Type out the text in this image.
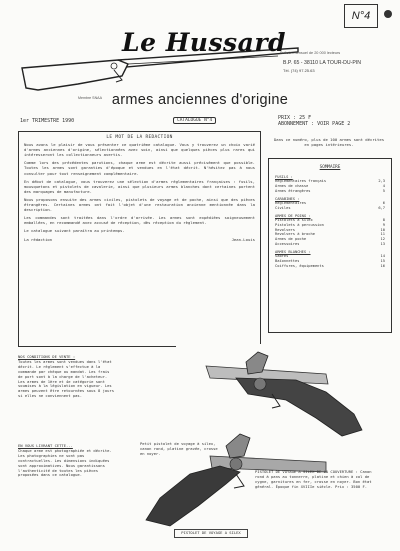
Le Hussard
Bulletin mensuel de 20 000 lecteurs
B.P. 65 - 38110 LA TOUR-DU-PIN
Tél. (74) 97.25.63
Membre SNAA
N°4
armes anciennes d'origine
1er TRIMESTRE 1990	CATALOGUE N°4	PRIX : 25 F
ABONNEMENT : VOIR PAGE 2
LE MOT DE LA REDACTION

Nous avons le plaisir de vous présenter ce quatrième catalogue. Vous y trouverez un choix varié d'armes anciennes d'origine, sélectionnées avec soin, ainsi que quelques pièces plus rares qui intéresseront les collectionneurs avertis.

Comme lors des précédentes parutions, chaque arme est décrite aussi précisément que possible. Toutes les armes sont garanties d'époque et vendues en l'état décrit. N'hésitez pas à nous consulter pour tout renseignement complémentaire.

En début de catalogue, vous trouverez une sélection d'armes réglementaires françaises : fusils, mousquetons et pistolets de cavalerie, ainsi que plusieurs armes blanches dont certaines portent des marquages de manufacture.

Nous proposons ensuite des armes civiles, pistolets de voyage et de poche, ainsi que des pièces étrangères. Certaines armes ont fait l'objet d'une restauration ancienne mentionnée dans la description.

Les commandes sont traitées dans l'ordre d'arrivée. Les armes sont expédiées soigneusement emballées, en recommandé avec accusé de réception, dès réception du règlement.

Le catalogue suivant paraîtra au printemps.

La rédaction	Jean-Louis
Dans ce numéro, plus de 100 armes sont décrites en pages intérieures.
SOMMAIRE
FUSILS :
Réglementaires français	2,3
Armes de chasse	4
Armes étrangères	5
CARABINES :
Réglementaires	6
Civiles	6,7
ARMES DE POING :
Pistolets à silex	8
Pistolets à percussion	9
Revolvers	10
Revolvers à broche	11
Armes de poche	12
Accessoires	13
ARMES BLANCHES :
Sabres	14
Baïonnettes	15
Coiffures, équipements	16
NOS CONDITIONS DE VENTE :
Toutes les armes sont vendues dans l'état décrit. Le règlement s'effectue à la commande par chèque ou mandat. Les frais de port sont à la charge de l'acheteur. Les armes de 1ère et 4e catégorie sont soumises à la législation en vigueur. Les armes peuvent être retournées sous 8 jours si elles ne conviennent pas.
EN VOUS LIVRANT CETTE...
Chaque arme est photographiée et décrite. Les photographies ne sont pas contractuelles. Les dimensions indiquées sont approximatives. Nous garantissons l'authenticité de toutes les pièces proposées dans ce catalogue.
Petit pistolet de voyage à silex, canon rond, platine gravée, crosse en noyer.
PISTOLET DE VOYAGE A SILEX
PISTOLET DE VOYAGE A SILEX DE LA COUVERTURE : Canon rond à pans au tonnerre, platine et chien à col de cygne, garnitures en fer, crosse en noyer. Bon état général. Époque fin XVIIIe siècle. Prix : 3500 F.
